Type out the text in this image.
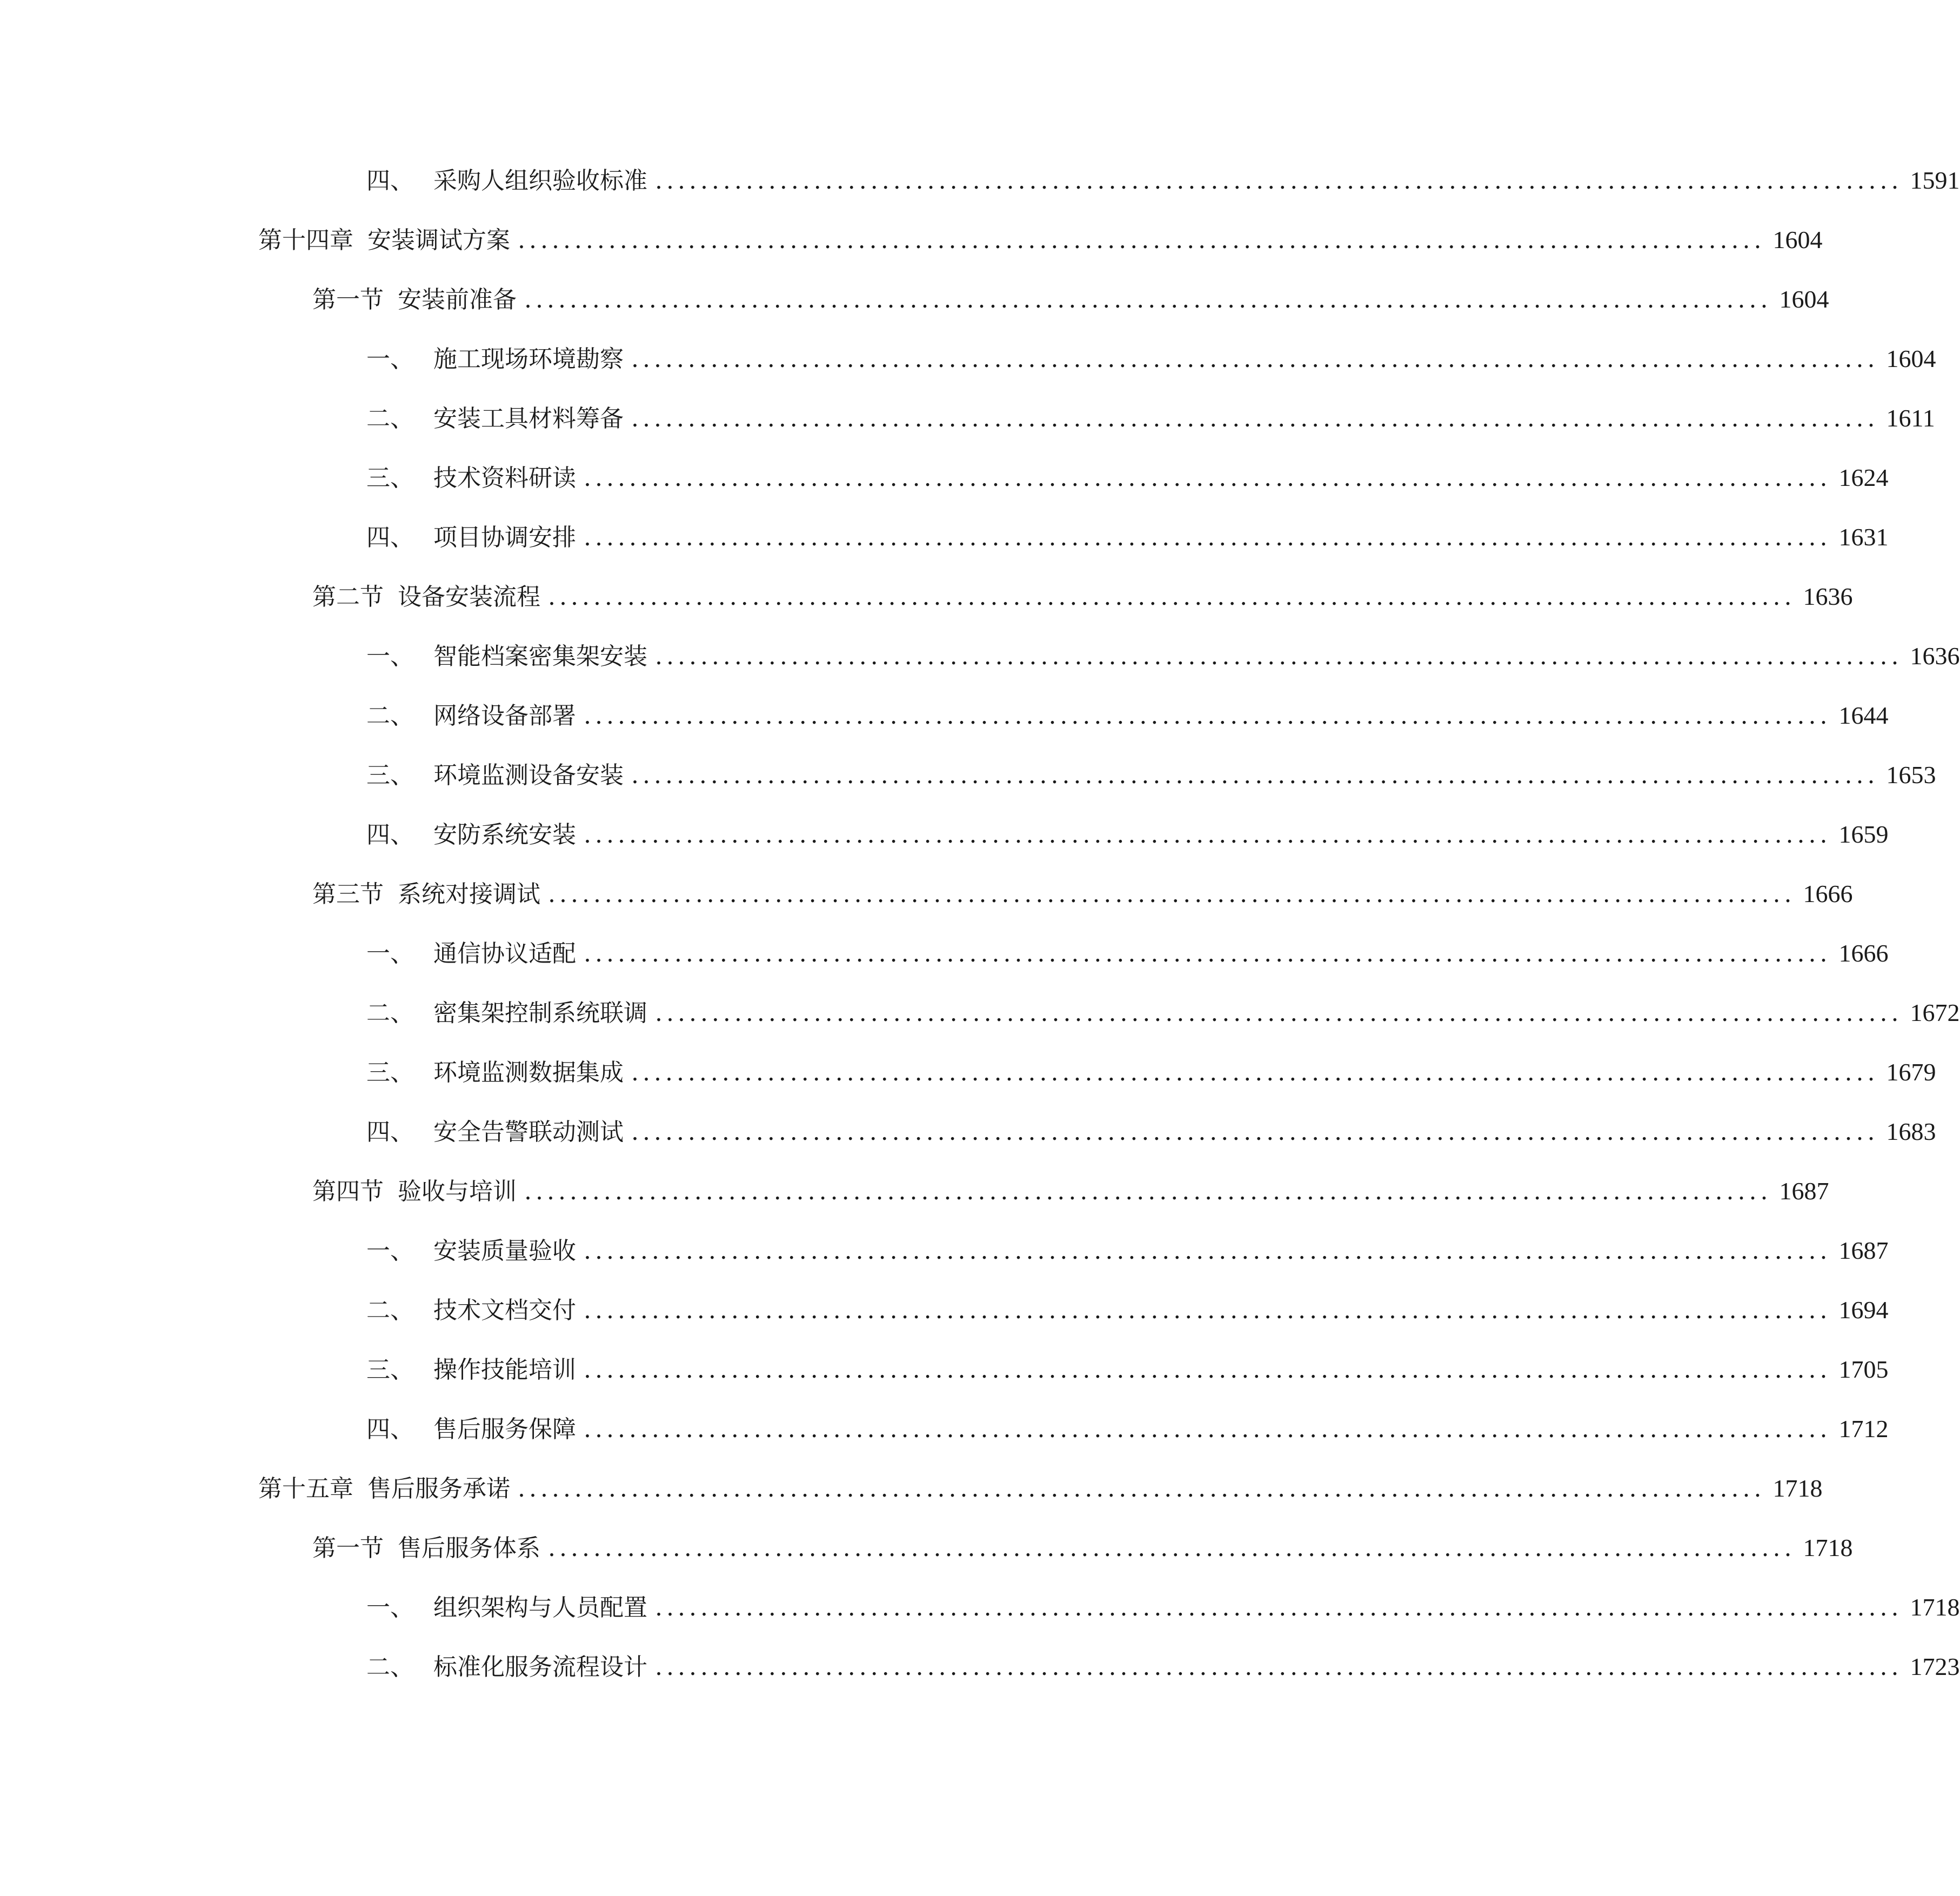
四、 采购人组织验收标准 .............................................................................................................. 1591
第十四章 安装调试方案 .............................................................................................................. 1604
第一节 安装前准备 .............................................................................................................. 1604
一、 施工现场环境勘察 .............................................................................................................. 1604
二、 安装工具材料筹备 .............................................................................................................. 1611
三、 技术资料研读 .............................................................................................................. 1624
四、 项目协调安排 .............................................................................................................. 1631
第二节 设备安装流程 .............................................................................................................. 1636
一、 智能档案密集架安装 .............................................................................................................. 1636
二、 网络设备部署 .............................................................................................................. 1644
三、 环境监测设备安装 .............................................................................................................. 1653
四、 安防系统安装 .............................................................................................................. 1659
第三节 系统对接调试 .............................................................................................................. 1666
一、 通信协议适配 .............................................................................................................. 1666
二、 密集架控制系统联调 .............................................................................................................. 1672
三、 环境监测数据集成 .............................................................................................................. 1679
四、 安全告警联动测试 .............................................................................................................. 1683
第四节 验收与培训 .............................................................................................................. 1687
一、 安装质量验收 .............................................................................................................. 1687
二、 技术文档交付 .............................................................................................................. 1694
三、 操作技能培训 .............................................................................................................. 1705
四、 售后服务保障 .............................................................................................................. 1712
第十五章 售后服务承诺 .............................................................................................................. 1718
第一节 售后服务体系 .............................................................................................................. 1718
一、 组织架构与人员配置 .............................................................................................................. 1718
二、 标准化服务流程设计 .............................................................................................................. 1723
